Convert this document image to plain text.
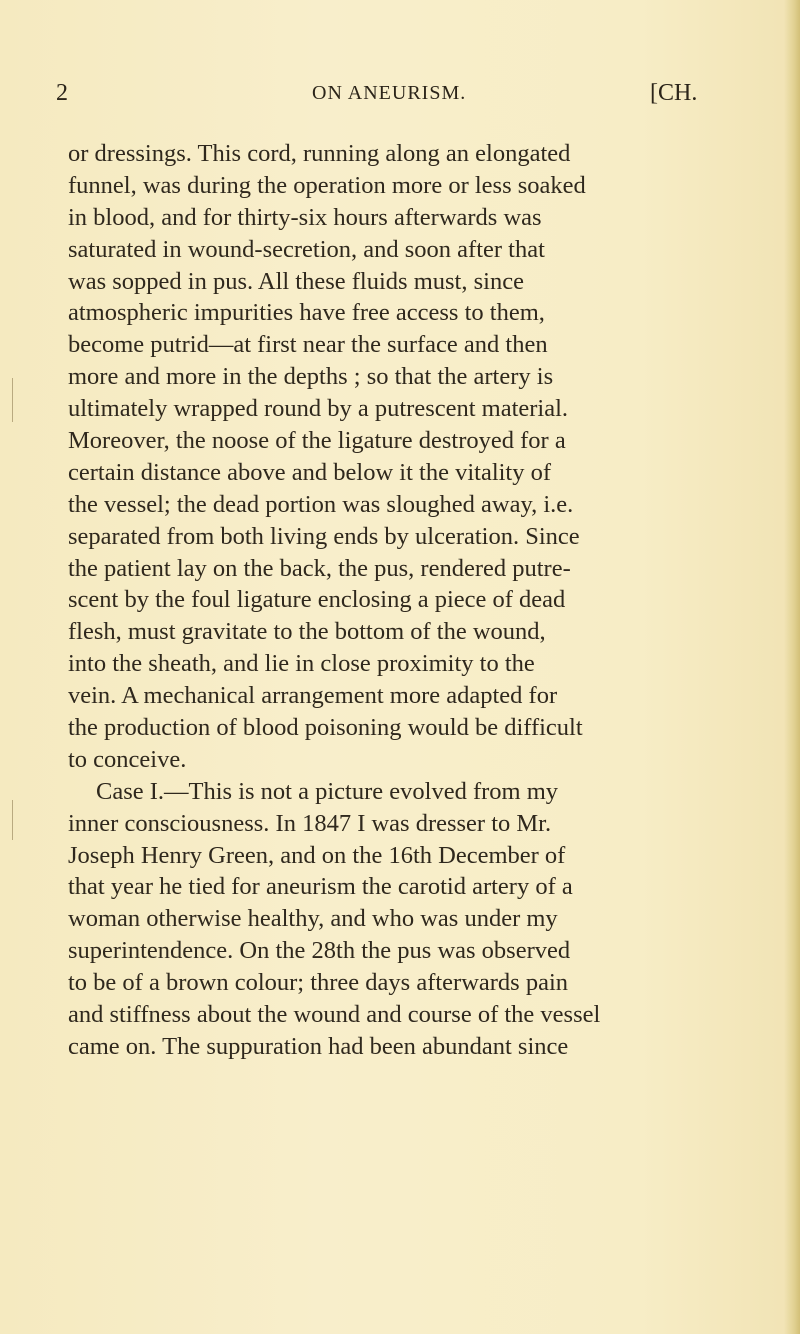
2	ON ANEURISM.	[CH.
or dressings. This cord, running along an elongated
funnel, was during the operation more or less soaked
in blood, and for thirty-six hours afterwards was
saturated in wound-secretion, and soon after that
was sopped in pus. All these fluids must, since
atmospheric impurities have free access to them,
become putrid—at first near the surface and then
more and more in the depths ; so that the artery is
ultimately wrapped round by a putrescent material.
Moreover, the noose of the ligature destroyed for a
certain distance above and below it the vitality of
the vessel; the dead portion was sloughed away, i.e.
separated from both living ends by ulceration. Since
the patient lay on the back, the pus, rendered putre-
scent by the foul ligature enclosing a piece of dead
flesh, must gravitate to the bottom of the wound,
into the sheath, and lie in close proximity to the
vein. A mechanical arrangement more adapted for
the production of blood poisoning would be difficult
to conceive.
Case I.—This is not a picture evolved from my
inner consciousness. In 1847 I was dresser to Mr.
Joseph Henry Green, and on the 16th December of
that year he tied for aneurism the carotid artery of a
woman otherwise healthy, and who was under my
superintendence. On the 28th the pus was observed
to be of a brown colour; three days afterwards pain
and stiffness about the wound and course of the vessel
came on. The suppuration had been abundant since
